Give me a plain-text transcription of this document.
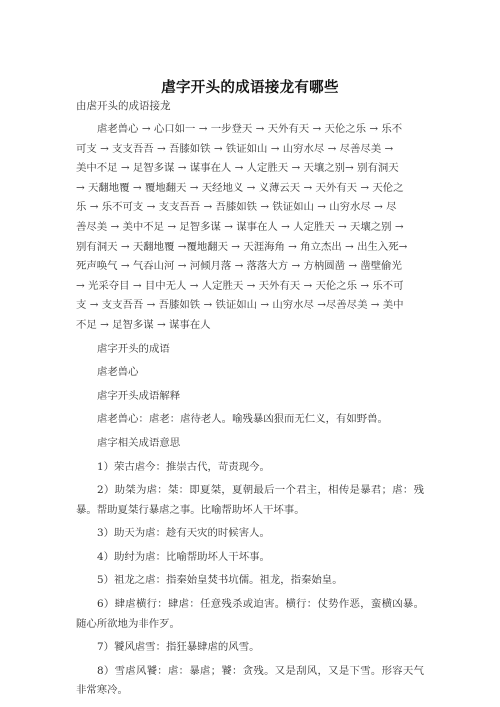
虐字开头的成语接龙有哪些
由虐开头的成语接龙
虐老兽心 → 心口如一 → 一步登天 → 天外有天 → 天伦之乐 → 乐不
可支 → 支支吾吾 → 吾膝如铁 → 铁证如山 → 山穷水尽 → 尽善尽美 →
美中不足 → 足智多谋 → 谋事在人 → 人定胜天 → 天壤之别→ 别有洞天
→ 天翻地覆 → 覆地翻天 → 天经地义 → 义薄云天 → 天外有天 → 天伦之
乐 → 乐不可支 → 支支吾吾 → 吾膝如铁 → 铁证如山 → 山穷水尽 → 尽
善尽美 → 美中不足 → 足智多谋 → 谋事在人 → 人定胜天 → 天壤之别 →
别有洞天 → 天翻地覆 →覆地翻天 → 天涯海角 → 角立杰出 → 出生入死→
死声唤气 → 气吞山河 → 河倾月落 → 落落大方 → 方枘圆凿 → 凿壁偷光
→ 光采夺目 → 目中无人 → 人定胜天 → 天外有天 → 天伦之乐 → 乐不可
支 → 支支吾吾 → 吾膝如铁 → 铁证如山 → 山穷水尽 →尽善尽美 → 美中
不足 → 足智多谋 → 谋事在人

虐字开头的成语

虐老兽心

虐字开头成语解释

虐老兽心：虐老：虐待老人。喻残暴凶狠而无仁义，有如野兽。

虐字相关成语意思

1）荣古虐今：推崇古代，苛责现今。

2）助桀为虐：桀：即夏桀，夏朝最后一个君主，相传是暴君；虐：残暴。帮助夏桀行暴虐之事。比喻帮助坏人干坏事。

3）助天为虐：趁有天灾的时候害人。

4）助纣为虐：比喻帮助坏人干坏事。

5）祖龙之虐：指秦始皇焚书坑儒。祖龙，指秦始皇。

6）肆虐横行：肆虐：任意残杀或迫害。横行：仗势作恶，蛮横凶暴。随心所欲地为非作歹。

7）饕风虐雪：指狂暴肆虐的风雪。

8）雪虐风饕：虐：暴虐；饕：贪残。又是刮风，又是下雪。形容天气非常寒冷。
